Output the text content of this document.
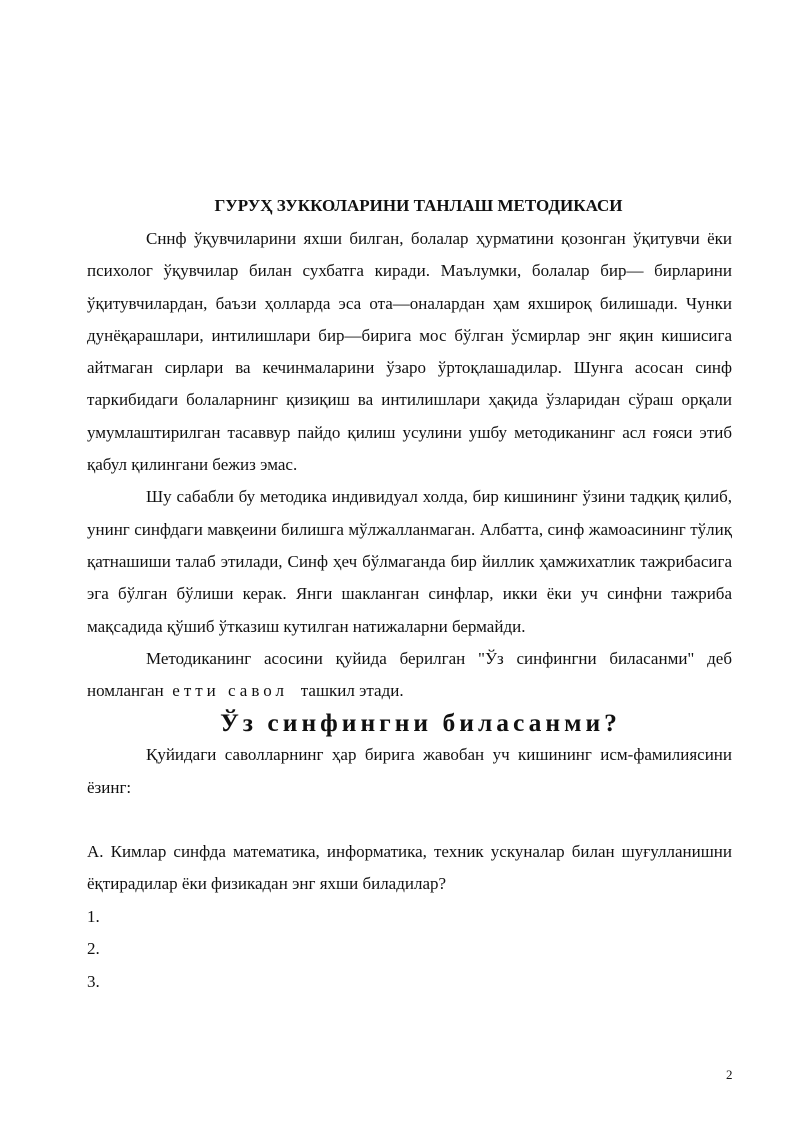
ГУРУҲ ЗУККОЛАРИНИ ТАНЛАШ МЕТОДИКАСИ

Сннф ўқувчиларини яхши билган, болалар ҳурматини қозонган ўқитувчи ёки психолог ўқувчилар билан сухбатга киради. Маълумки, болалар бир— бирларини ўқитувчилардан, баъзи ҳолларда эса ота—оналардан ҳам яхшироқ билишади. Чунки дунёқарашлари, интилишлари бир—бирига мос бўлган ўсмирлар энг яқин кишисига айтмаган сирлари ва кечинмаларини ўзаро ўртоқлашадилар. Шунга асосан синф таркибидаги болаларнинг қизиқиш ва интилишлари ҳақида ўзларидан сўраш орқали умумлаштирилган тасаввур пайдо қилиш усулини ушбу методиканинг асл ғояси этиб қабул қилингани бежиз эмас.

Шу сабабли бу методика индивидуал холда, бир кишининг ўзини тадқиқ қилиб, унинг синфдаги мавқеини билишга мўлжалланмаган. Албатта, синф жамоасининг тўлиқ қатнашиши талаб этилади, Синф ҳеч бўлмаганда бир йиллик ҳамжихатлик тажрибасига эга бўлган бўлиши керак. Янги шакланган синфлар, икки ёки уч синфни тажриба мақсадида қўшиб ўтказиш кутилган натижаларни бермайди.

Методиканинг асосини қуйида берилган "Ўз синфингни биласанми" деб номланган етти савол ташкил этади.

Ўз синфингни биласанми?

Қуйидаги саволларнинг ҳар бирига жавобан уч кишининг исм-фамилиясини ёзинг:

А. Кимлар синфда математика, информатика, техник ускуналар билан шуғулланишни ёқтирадилар ёки физикадан энг яхши биладилар?

1.

2.

3.

2
